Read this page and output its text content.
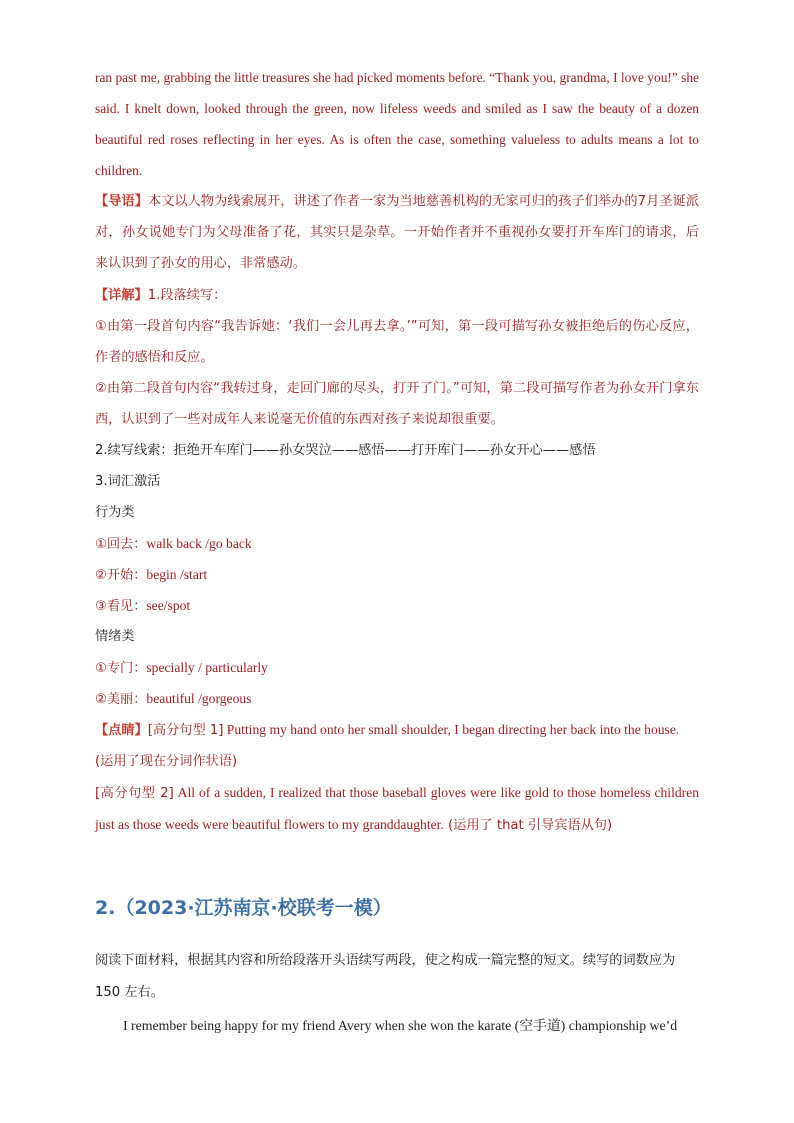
ran past me, grabbing the little treasures she had picked moments before. “Thank you, grandma, I love you!” she said. I knelt down, looked through the green, now lifeless weeds and smiled as I saw the beauty of a dozen beautiful red roses reflecting in her eyes. As is often the case, something valueless to adults means a lot to children.
【导语】本文以人物为线索展开，讲述了作者一家为当地慈善机构的无家可归的孩子们举办的7月圣诞派对，孙女说她专门为父母准备了花，其实只是杂草。一开始作者并不重视孙女要打开车库门的请求，后来认识到了孙女的用心，非常感动。
【详解】1.段落续写：
①由第一段首句内容“我告诉她：‘我们一会儿再去拿。’”可知，第一段可描写孙女被拒绝后的伤心反应，作者的感悟和反应。
②由第二段首句内容“我转过身，走回门廊的尽头，打开了门。”可知，第二段可描写作者为孙女开门拿东西，认识到了一些对成年人来说毫无价值的东西对孩子来说却很重要。
2.续写线索：拒绝开车库门——孙女哭泣——感悟——打开库门——孙女开心——感悟
3.词汇激活
行为类
①回去：walk back /go back
②开始：begin /start
③看见：see/spot
情绪类
①专门：specially / particularly
②美丽：beautiful /gorgeous
【点睛】[高分句型 1] Putting my hand onto her small shoulder, I began directing her back into the house.
(运用了现在分词作状语)
[高分句型 2] All of a sudden, I realized that those baseball gloves were like gold to those homeless children just as those weeds were beautiful flowers to my granddaughter. (运用了 that 引导宾语从句)
2.（2023·江苏南京·校联考一模）
阅读下面材料，根据其内容和所给段落开头语续写两段，使之构成一篇完整的短文。续写的词数应为 150 左右。
I remember being happy for my friend Avery when she won the karate (空手道) championship we’d
